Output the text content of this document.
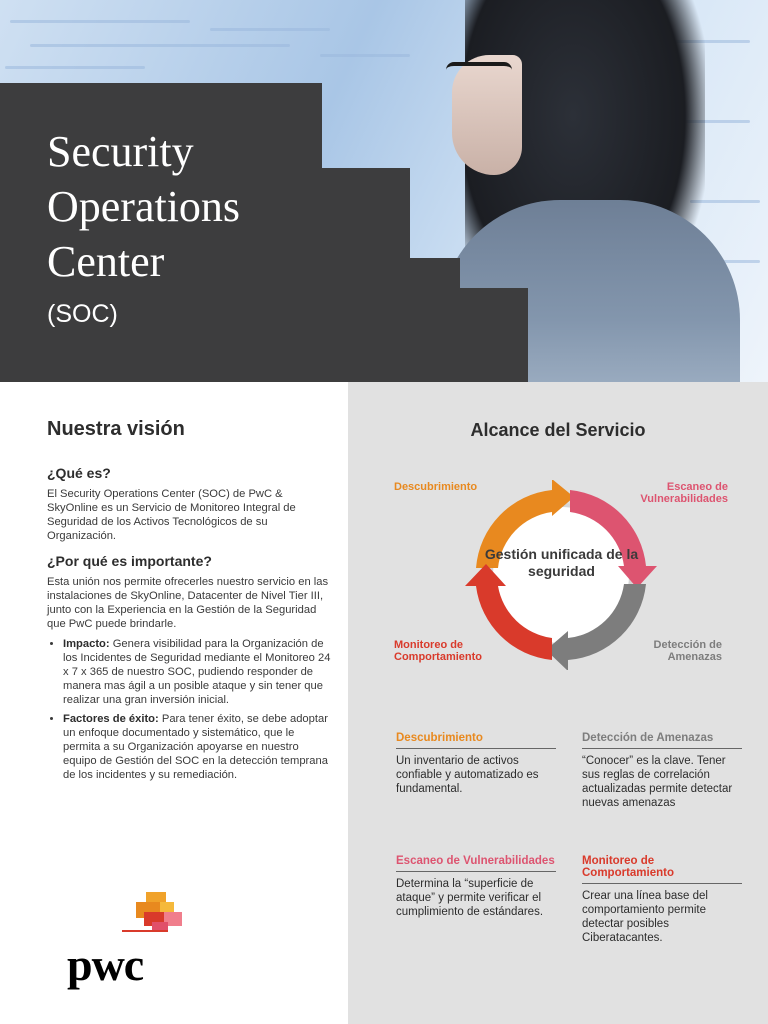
Security
Operations
Center
(SOC)
Nuestra visión
¿Qué es?
El Security Operations Center (SOC) de PwC & SkyOnline es un Servicio de Monitoreo Integral de Seguridad de los Activos Tecnológicos de su Organización.
¿Por qué es importante?
Esta unión nos permite ofrecerles nuestro servicio en las instalaciones de SkyOnline, Datacenter de Nivel Tier III, junto con la Experiencia en la Gestión de la Seguridad que PwC puede brindarle.
• Impacto: Genera visibilidad para la Organización de los Incidentes de Seguridad mediante el Monitoreo 24 x 7 x 365 de nuestro SOC, pudiendo responder de manera mas ágil a un posible ataque y sin tener que realizar una gran inversión inicial.
• Factores de éxito: Para tener éxito, se debe adoptar un enfoque documentado y sistemático, que le permita a su Organización apoyarse en nuestro equipo de Gestión del SOC en la detección temprana de los incidentes y su remediación.
pwc
Alcance del Servicio
Gestión unificada de la seguridad
Descubrimiento	Escaneo de Vulnerabilidades
Detección de Amenazas
Monitoreo de Comportamiento
Descubrimiento
Un inventario de activos confiable y automatizado es fundamental.
Detección de Amenazas
“Conocer” es la clave. Tener sus reglas de correlación actualizadas permite detectar nuevas amenazas
Escaneo de Vulnerabilidades
Determina la “superficie de ataque” y permite verificar el cumplimiento de estándares.
Monitoreo de Comportamiento
Crear una línea base del comportamiento permite detectar posibles Ciberatacantes.
